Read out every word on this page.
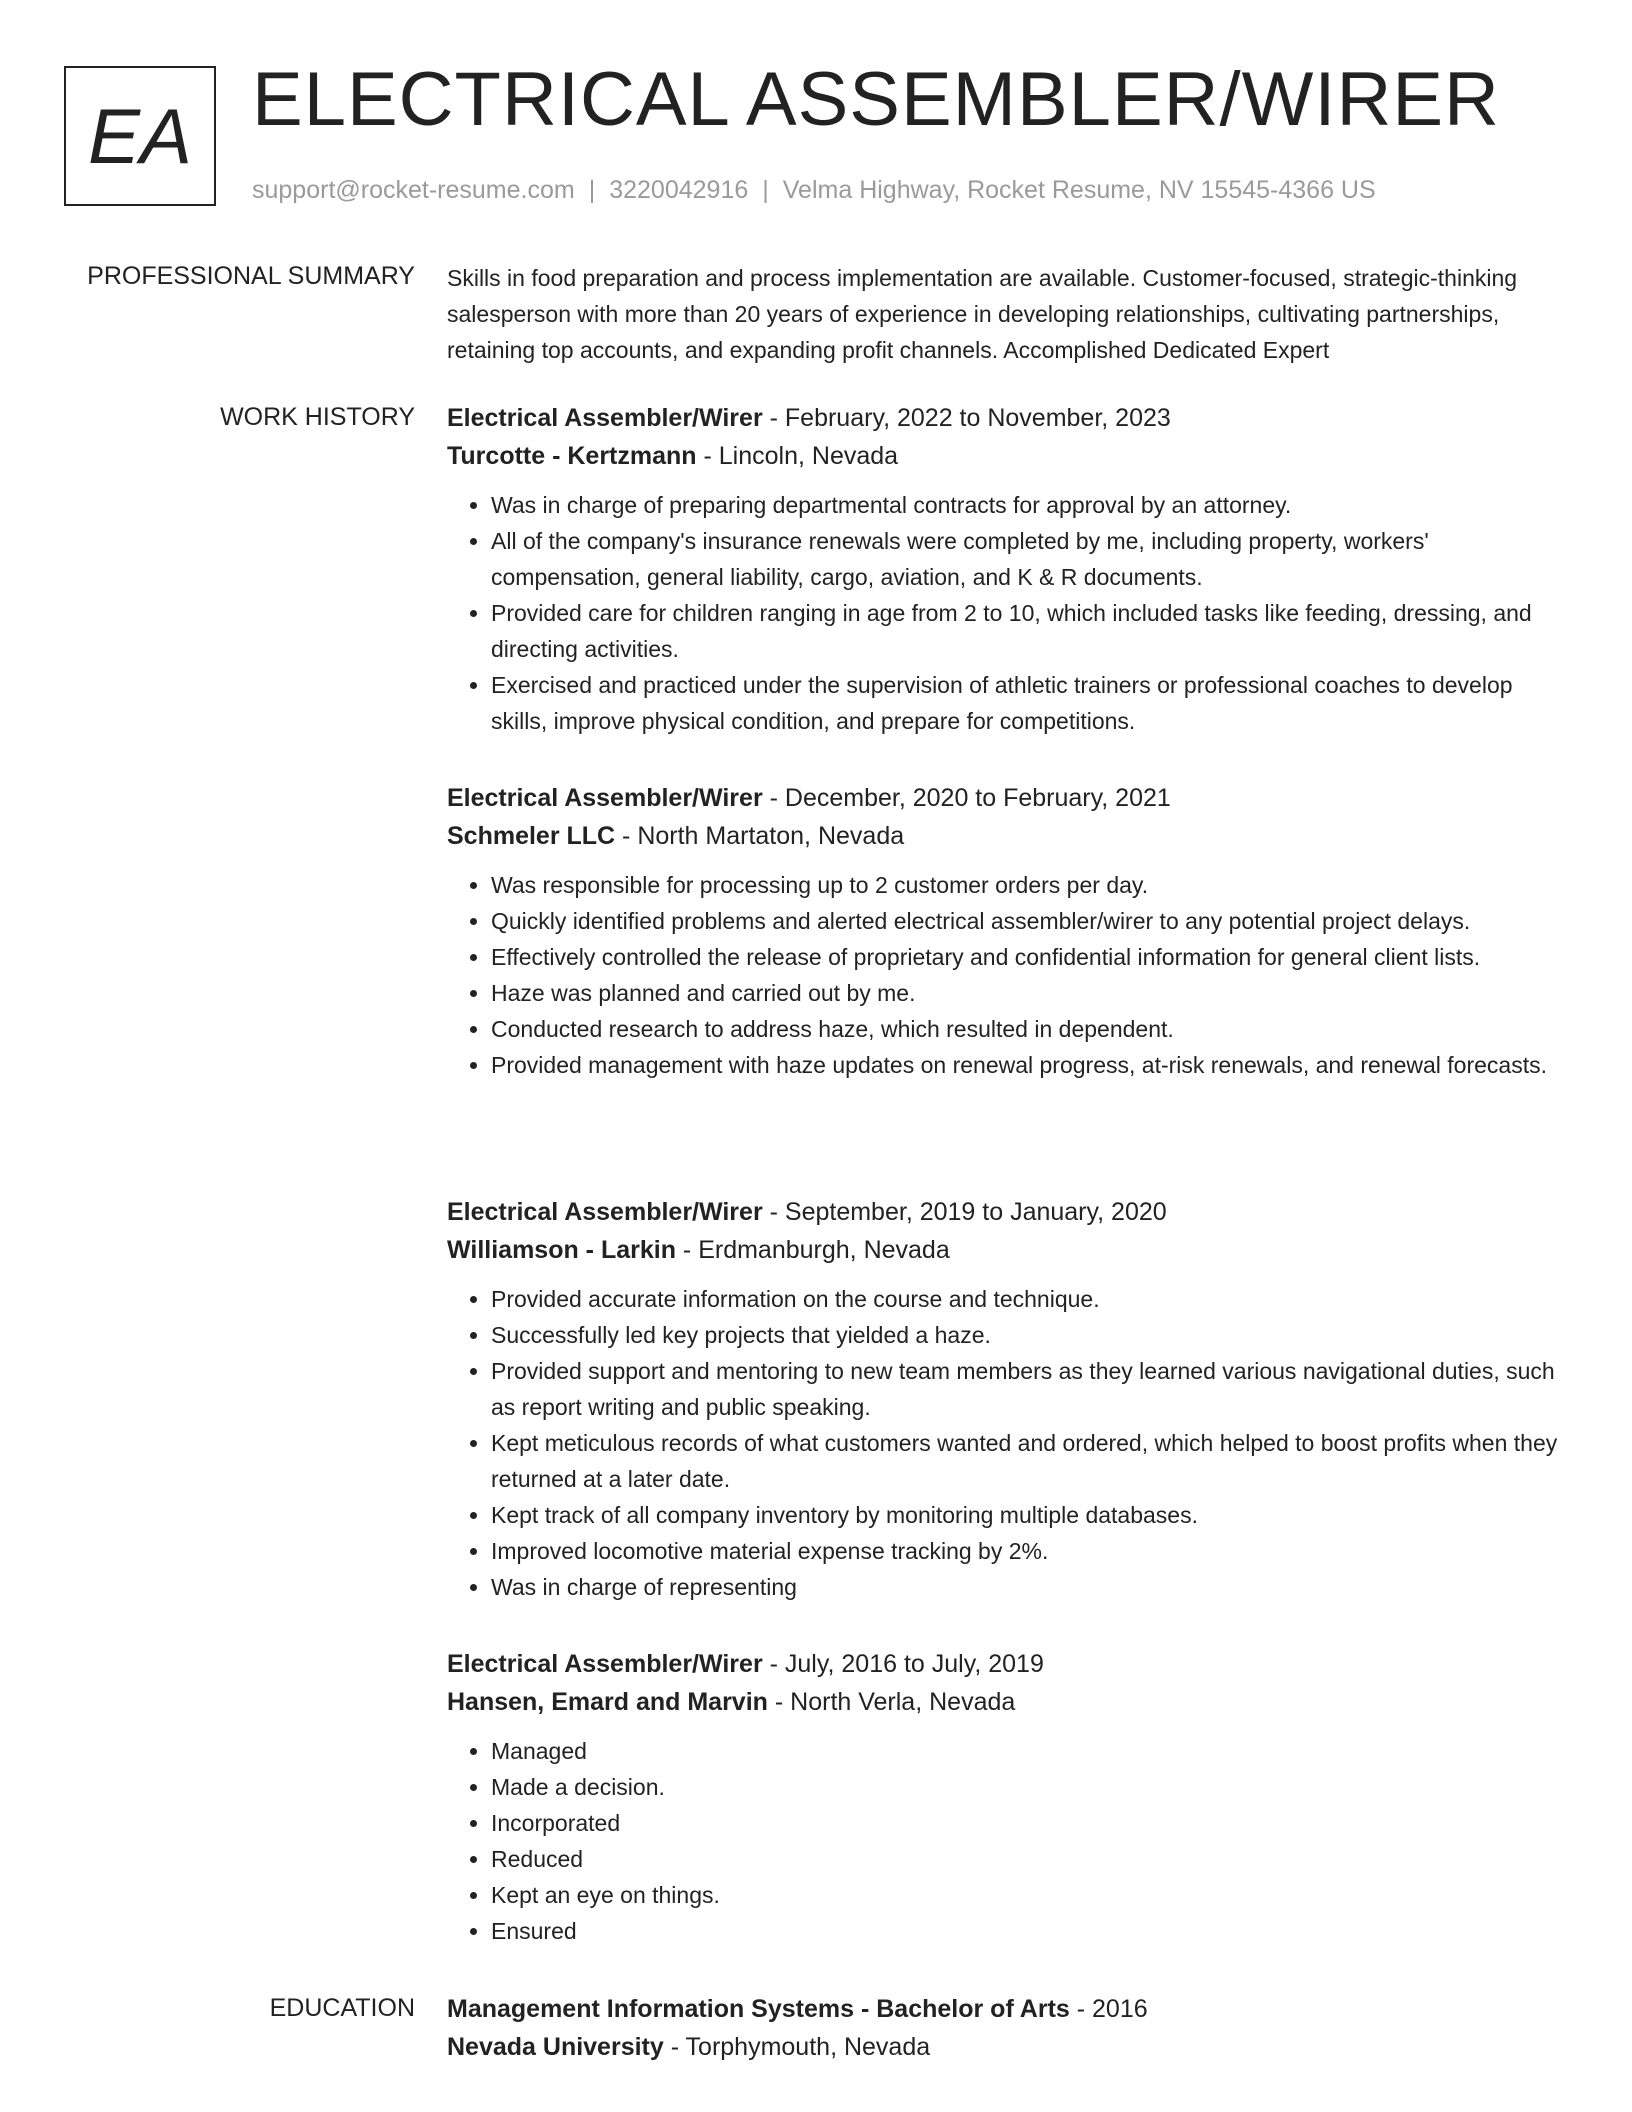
EA ELECTRICAL ASSEMBLER/WIRER
support@rocket-resume.com | 3220042916 | Velma Highway, Rocket Resume, NV 15545-4366 US
PROFESSIONAL SUMMARY Skills in food preparation and process implementation are available. Customer-focused, strategic-thinking salesperson with more than 20 years of experience in developing relationships, cultivating partnerships, retaining top accounts, and expanding profit channels. Accomplished Dedicated Expert
WORK HISTORY Electrical Assembler/Wirer - February, 2022 to November, 2023
Turcotte - Kertzmann - Lincoln, Nevada
• Was in charge of preparing departmental contracts for approval by an attorney.
• All of the company's insurance renewals were completed by me, including property, workers' compensation, general liability, cargo, aviation, and K & R documents.
• Provided care for children ranging in age from 2 to 10, which included tasks like feeding, dressing, and directing activities.
• Exercised and practiced under the supervision of athletic trainers or professional coaches to develop skills, improve physical condition, and prepare for competitions.
Electrical Assembler/Wirer - December, 2020 to February, 2021
Schmeler LLC - North Martaton, Nevada
• Was responsible for processing up to 2 customer orders per day.
• Quickly identified problems and alerted electrical assembler/wirer to any potential project delays.
• Effectively controlled the release of proprietary and confidential information for general client lists.
• Haze was planned and carried out by me.
• Conducted research to address haze, which resulted in dependent.
• Provided management with haze updates on renewal progress, at-risk renewals, and renewal forecasts.
Electrical Assembler/Wirer - September, 2019 to January, 2020
Williamson - Larkin - Erdmanburgh, Nevada
• Provided accurate information on the course and technique.
• Successfully led key projects that yielded a haze.
• Provided support and mentoring to new team members as they learned various navigational duties, such as report writing and public speaking.
• Kept meticulous records of what customers wanted and ordered, which helped to boost profits when they returned at a later date.
• Kept track of all company inventory by monitoring multiple databases.
• Improved locomotive material expense tracking by 2%.
• Was in charge of representing
Electrical Assembler/Wirer - July, 2016 to July, 2019
Hansen, Emard and Marvin - North Verla, Nevada
• Managed
• Made a decision.
• Incorporated
• Reduced
• Kept an eye on things.
• Ensured
EDUCATION Management Information Systems - Bachelor of Arts - 2016
Nevada University - Torphymouth, Nevada
